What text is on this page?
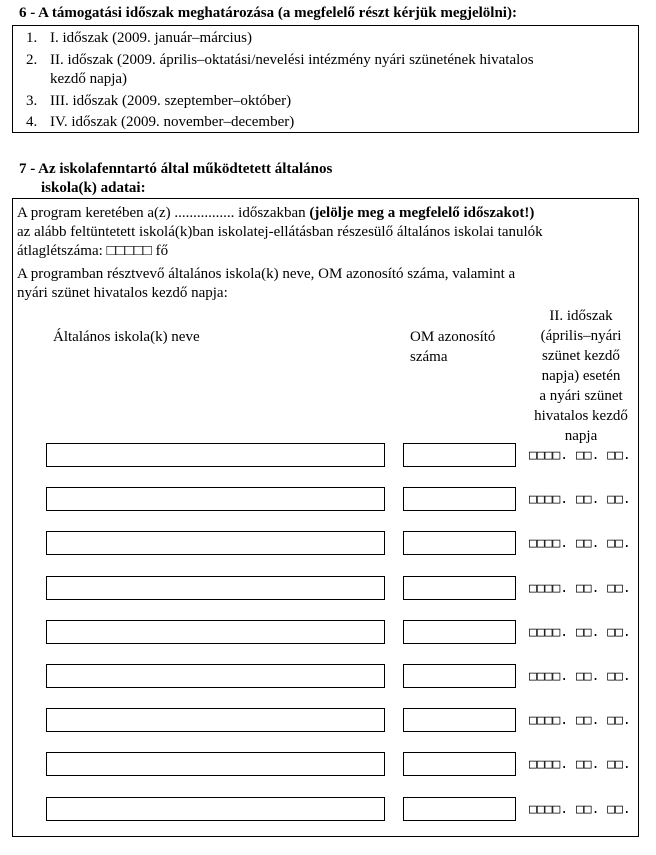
6 - A támogatási időszak meghatározása (a megfelelő részt kérjük megjelölni):
1. I. időszak (2009. január–március)
2. II. időszak (2009. április–oktatási/nevelési intézmény nyári szünetének hivatalos
kezdő napja)
3. III. időszak (2009. szeptember–október)
4. IV. időszak (2009. november–december)
7 - Az iskolafenntartó által működtetett általános
iskola(k) adatai:
A program keretében a(z) ................ időszakban (jelölje meg a megfelelő időszakot!)
az alább feltüntetett iskolá(k)ban iskolatej-ellátásban részesülő általános iskolai tanulók
átlaglétszáma: □□□□□ fő
A programban résztvevő általános iskola(k) neve, OM azonosító száma, valamint a
nyári szünet hivatalos kezdő napja:
Általános iskola(k) neve	OM azonosító
száma
II. időszak
(április–nyári
szünet kezdő
napja) esetén
a nyári szünet
hivatalos kezdő
napja
□□□□. □□. □□.
□□□□. □□. □□.
□□□□. □□. □□.
□□□□. □□. □□.
□□□□. □□. □□.
□□□□. □□. □□.
□□□□. □□. □□.
□□□□. □□. □□.
□□□□. □□. □□.
